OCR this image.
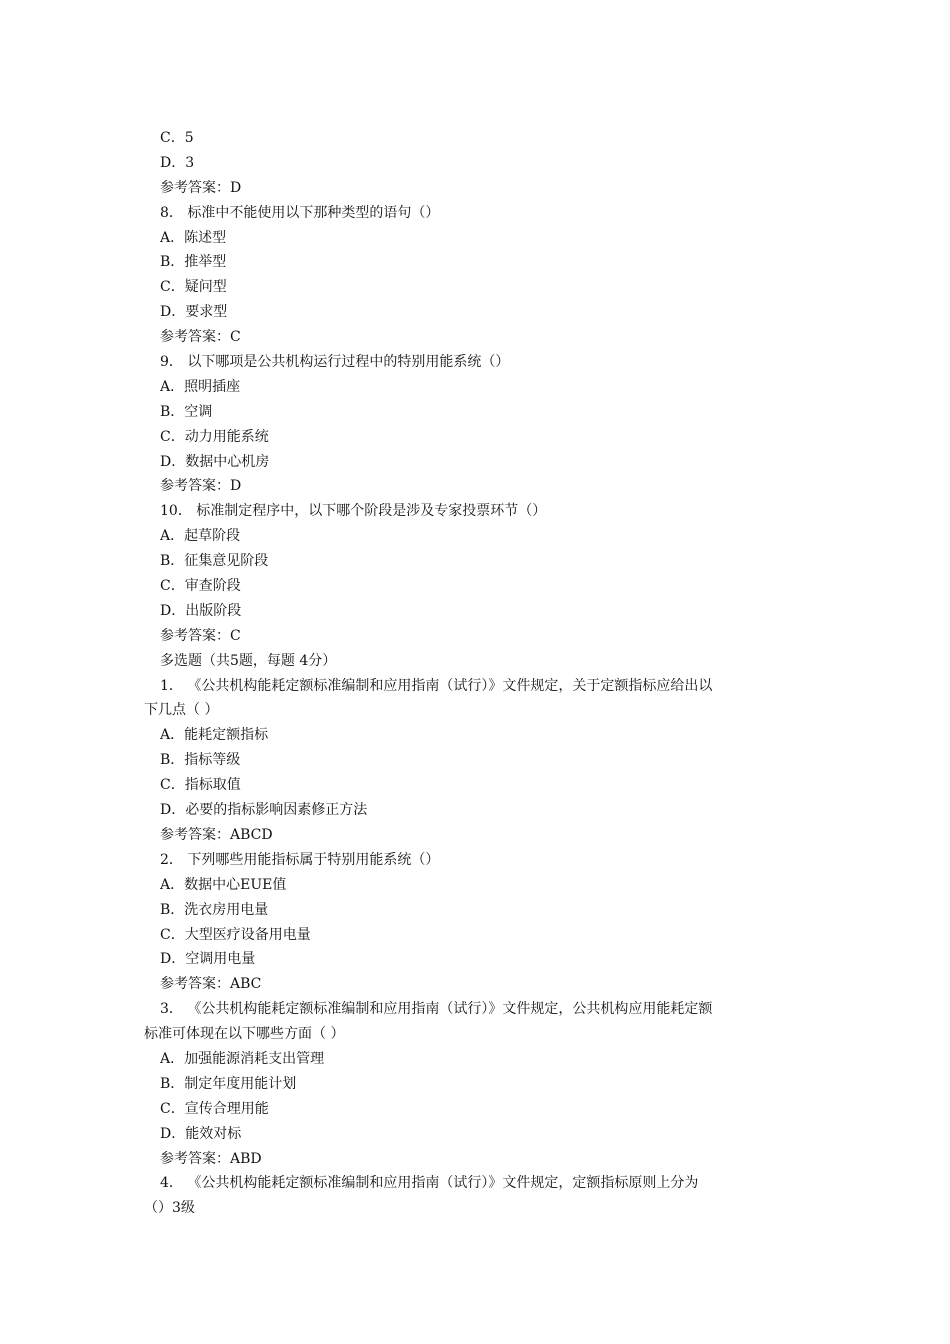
C．5
D．3
参考答案：D
8． 标准中不能使用以下那种类型的语句（）
A．陈述型
B．推举型
C．疑问型
D．要求型
参考答案：C
9． 以下哪项是公共机构运行过程中的特别用能系统（）
A．照明插座
B．空调
C．动力用能系统
D．数据中心机房
参考答案：D
10． 标准制定程序中，以下哪个阶段是涉及专家投票环节（）
A．起草阶段
B．征集意见阶段
C．审查阶段
D．出版阶段
参考答案：C
多选题（共5题，每题 4分）
1． 《公共机构能耗定额标准编制和应用指南（试行）》文件规定，关于定额指标应给出以
下几点（ ）
A．能耗定额指标
B．指标等级
C．指标取值
D．必要的指标影响因素修正方法
参考答案：ABCD
2． 下列哪些用能指标属于特别用能系统（）
A．数据中心EUE值
B．洗衣房用电量
C．大型医疗设备用电量
D．空调用电量
参考答案：ABC
3． 《公共机构能耗定额标准编制和应用指南（试行）》文件规定，公共机构应用能耗定额
标准可体现在以下哪些方面（ ）
A．加强能源消耗支出管理
B．制定年度用能计划
C．宣传合理用能
D．能效对标
参考答案：ABD
4． 《公共机构能耗定额标准编制和应用指南（试行）》文件规定，定额指标原则上分为
（）3级
